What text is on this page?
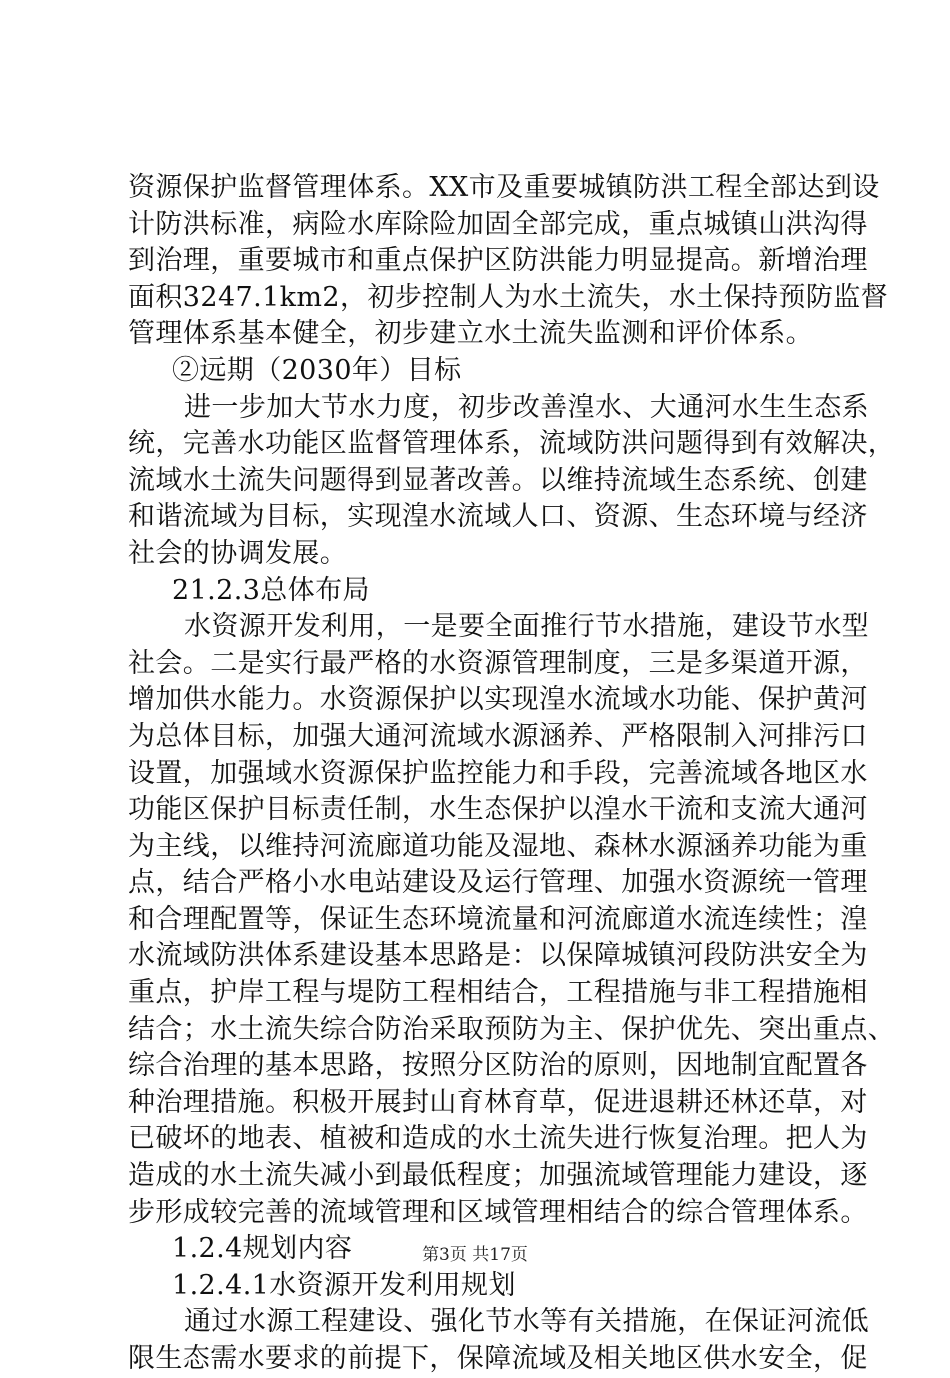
资源保护监督管理体系。XX市及重要城镇防洪工程全部达到设
计防洪标准，病险水库除险加固全部完成，重点城镇山洪沟得
到治理，重要城市和重点保护区防洪能力明显提高。新增治理
面积3247.1km2，初步控制人为水土流失，水土保持预防监督
管理体系基本健全，初步建立水土流失监测和评价体系。
②远期（2030年）目标
进一步加大节水力度，初步改善湟水、大通河水生生态系
统，完善水功能区监督管理体系，流域防洪问题得到有效解决，
流域水土流失问题得到显著改善。以维持流域生态系统、创建
和谐流域为目标，实现湟水流域人口、资源、生态环境与经济
社会的协调发展。
21.2.3总体布局
水资源开发利用，一是要全面推行节水措施，建设节水型
社会。二是实行最严格的水资源管理制度，三是多渠道开源，
增加供水能力。水资源保护以实现湟水流域水功能、保护黄河
为总体目标，加强大通河流域水源涵养、严格限制入河排污口
设置，加强域水资源保护监控能力和手段，完善流域各地区水
功能区保护目标责任制，水生态保护以湟水干流和支流大通河
为主线，以维持河流廊道功能及湿地、森林水源涵养功能为重
点，结合严格小水电站建设及运行管理、加强水资源统一管理
和合理配置等，保证生态环境流量和河流廊道水流连续性；湟
水流域防洪体系建设基本思路是：以保障城镇河段防洪安全为
重点，护岸工程与堤防工程相结合，工程措施与非工程措施相
结合；水土流失综合防治采取预防为主、保护优先、突出重点、
综合治理的基本思路，按照分区防治的原则，因地制宜配置各
种治理措施。积极开展封山育林育草，促进退耕还林还草，对
已破坏的地表、植被和造成的水土流失进行恢复治理。把人为
造成的水土流失减小到最低程度；加强流域管理能力建设，逐
步形成较完善的流域管理和区域管理相结合的综合管理体系。
1.2.4规划内容
1.2.4.1水资源开发利用规划
通过水源工程建设、强化节水等有关措施，在保证河流低
限生态需水要求的前提下，保障流域及相关地区供水安全，促
第3页 共17页
